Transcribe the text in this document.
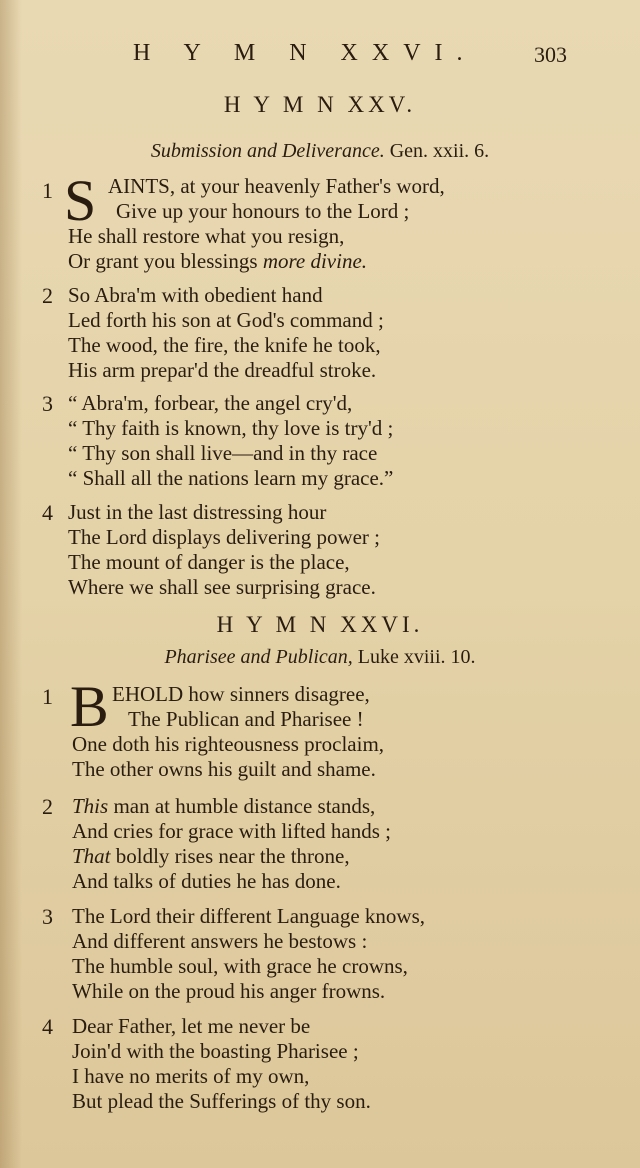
H Y M N XXVI.	303
H Y M N XXV.
Submission and Deliverance. Gen. xxii. 6.
1 S AINTS, at your heavenly Father's word,
Give up your honours to the Lord ;
He shall restore what you resign,
Or grant you blessings more divine.
2 So Abra'm with obedient hand
Led forth his son at God's command ;
The wood, the fire, the knife he took,
His arm prepar'd the dreadful stroke.
3 “ Abra'm, forbear, the angel cry'd,
“ Thy faith is known, thy love is try'd ;
“ Thy son shall live—and in thy race
“ Shall all the nations learn my grace.”
4 Just in the last distressing hour
The Lord displays delivering power ;
The mount of danger is the place,
Where we shall see surprising grace.
H Y M N XXVI.
Pharisee and Publican, Luke xviii. 10.
1 B EHOLD how sinners disagree,
The Publican and Pharisee !
One doth his righteousness proclaim,
The other owns his guilt and shame.
2 This man at humble distance stands,
And cries for grace with lifted hands ;
That boldly rises near the throne,
And talks of duties he has done.
3 The Lord their different Language knows,
And different answers he bestows :
The humble soul, with grace he crowns,
While on the proud his anger frowns.
4 Dear Father, let me never be
Join'd with the boasting Pharisee ;
I have no merits of my own,
But plead the Sufferings of thy son.
